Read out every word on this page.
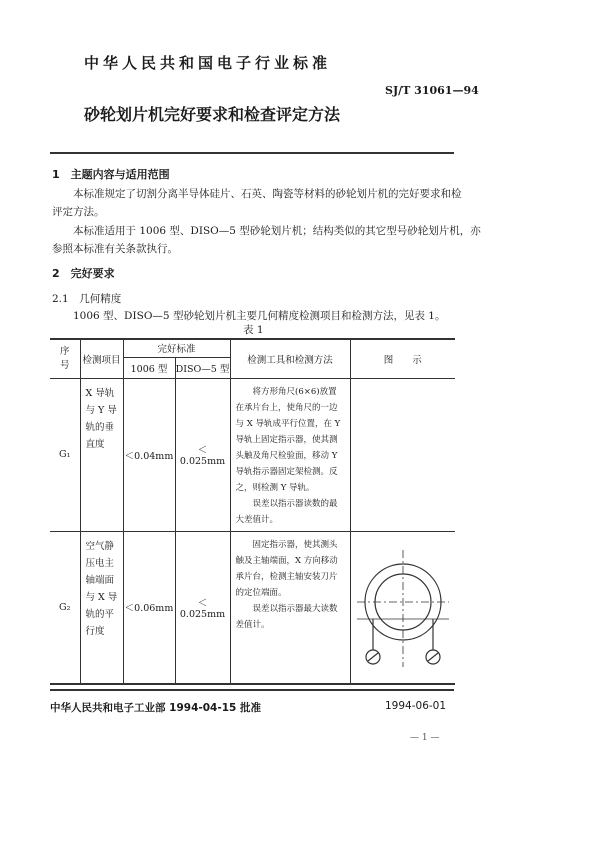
中华人民共和国电子行业标准
SJ/T 31061—94
砂轮划片机完好要求和检查评定方法
1　主题内容与适用范围
本标准规定了切割分离半导体硅片、石英、陶瓷等材料的砂轮划片机的完好要求和检
评定方法。
本标准适用于 1006 型、DISO—5 型砂轮划片机；结构类似的其它型号砂轮划片机，亦
参照本标准有关条款执行。
2　完好要求
2.1　几何精度
1006 型、DISO—5 型砂轮划片机主要几何精度检测项目和检测方法，见表 1。
表 1
序号	检测项目	完好标准		检测工具和检测方法	图　　示
		1006 型	DISO—5 型		
G₁	X 导轨与 Y 导轨的垂直度	＜0.04mm	＜0.025mm	将方形角尺(6×6)放置在承片台上，使角尺的一边与 X 导轨成平行位置，在 Y 导轨上固定指示器，使其测头触及角尺检验面，移动 Y 导轨指示器固定架检测。反之，则检测 Y 导轨。
误差以指示器读数的最大差值计。	

G₂	空气静压电主轴端面与 X 导轨的平行度	＜0.06mm	＜0.025mm	固定指示器，使其测头触及主轴端面，X 方向移动承片台，检测主轴安装刀片的定位端面。
误差以指示器最大读数差值计。

中华人民共和电子工业部 1994-04-15 批准	1994-06-01
— 1 —
